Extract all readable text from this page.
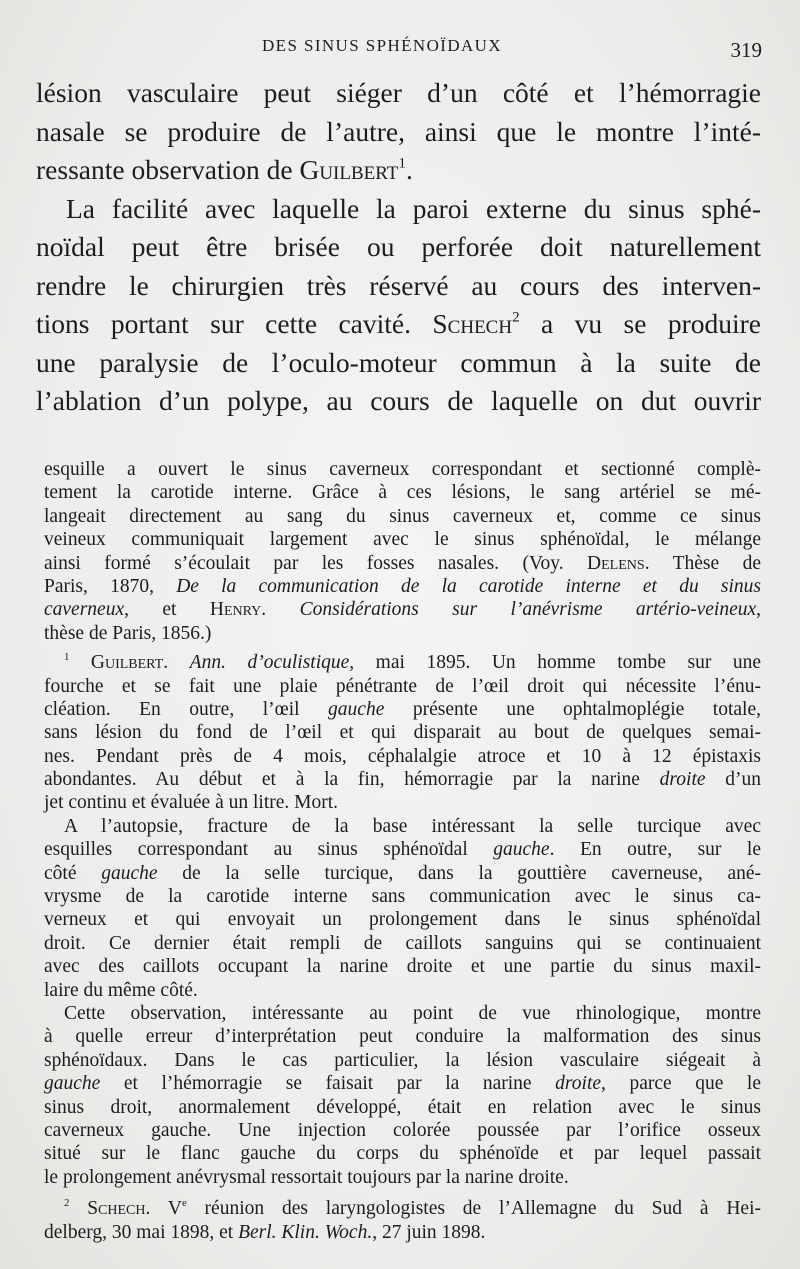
DES SINUS SPHÉNOÏDAUX	319
lésion vasculaire peut siéger d’un côté et l’hémorragie
nasale se produire de l’autre, ainsi que le montre l’inté-
ressante observation de Guilbert$^1$.
La facilité avec laquelle la paroi externe du sinus sphé-
noïdal peut être brisée ou perforée doit naturellement
rendre le chirurgien très réservé au cours des interven-
tions portant sur cette cavité. Schech$^2$ a vu se produire
une paralysie de l’oculo-moteur commun à la suite de
l’ablation d’un polype, au cours de laquelle on dut ouvrir
esquille a ouvert le sinus caverneux correspondant et sectionné complè-
tement la carotide interne. Grâce à ces lésions, le sang artériel se mé-
langeait directement au sang du sinus caverneux et, comme ce sinus
veineux communiquait largement avec le sinus sphénoïdal, le mélange
ainsi formé s’écoulait par les fosses nasales. (Voy. Delens. Thèse de
Paris, 1870, De la communication de la carotide interne et du sinus
caverneux, et Henry. Considérations sur l’anévrisme artério-veineux,
thèse de Paris, 1856.)
$^1$ Guilbert. Ann. d’oculistique, mai 1895. Un homme tombe sur une
fourche et se fait une plaie pénétrante de l’œil droit qui nécessite l’énu-
cléation. En outre, l’œil gauche présente une ophtalmoplégie totale,
sans lésion du fond de l’œil et qui disparait au bout de quelques semai-
nes. Pendant près de 4 mois, céphalalgie atroce et 10 à 12 épistaxis
abondantes. Au début et à la fin, hémorragie par la narine droite d’un
jet continu et évaluée à un litre. Mort.
A l’autopsie, fracture de la base intéressant la selle turcique avec
esquilles correspondant au sinus sphénoïdal gauche. En outre, sur le
côté gauche de la selle turcique, dans la gouttière caverneuse, ané-
vrysme de la carotide interne sans communication avec le sinus ca-
verneux et qui envoyait un prolongement dans le sinus sphénoïdal
droit. Ce dernier était rempli de caillots sanguins qui se continuaient
avec des caillots occupant la narine droite et une partie du sinus maxil-
laire du même côté.
Cette observation, intéressante au point de vue rhinologique, montre
à quelle erreur d’interprétation peut conduire la malformation des sinus
sphénoïdaux. Dans le cas particulier, la lésion vasculaire siégeait à
gauche et l’hémorragie se faisait par la narine droite, parce que le
sinus droit, anormalement développé, était en relation avec le sinus
caverneux gauche. Une injection colorée poussée par l’orifice osseux
situé sur le flanc gauche du corps du sphénoïde et par lequel passait
le prolongement anévrysmal ressortait toujours par la narine droite.
$^2$ Schech. Ve réunion des laryngologistes de l’Allemagne du Sud à Hei-
delberg, 30 mai 1898, et Berl. Klin. Woch., 27 juin 1898.
